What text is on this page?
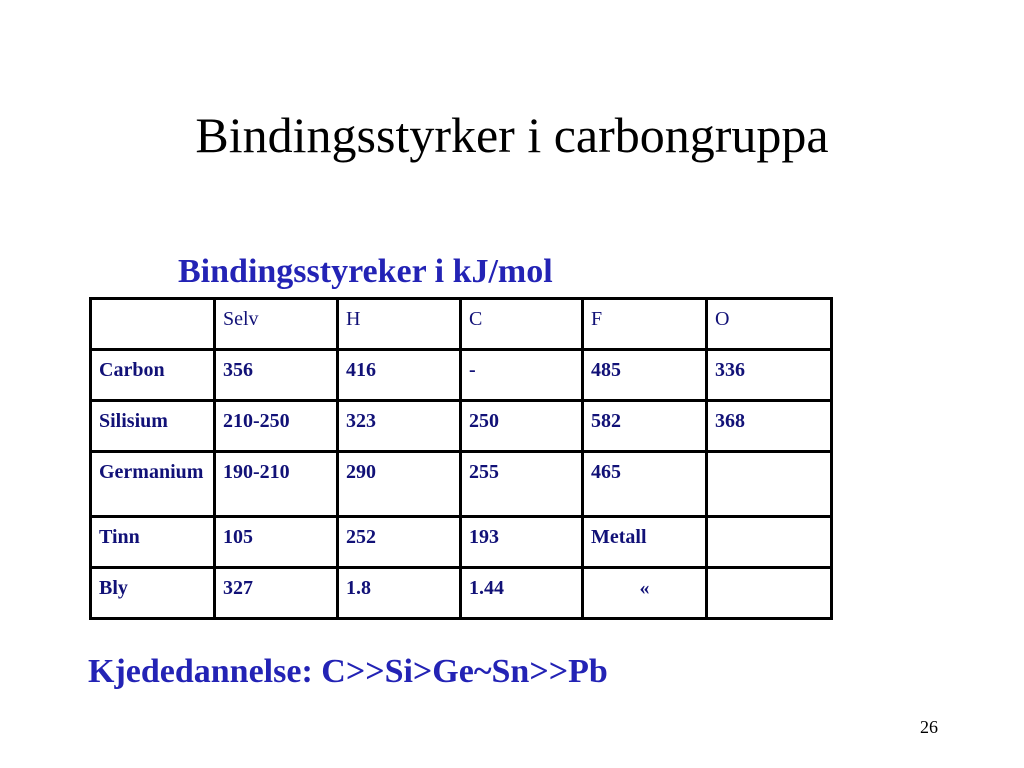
Bindingsstyrker i carbongruppa
Bindingsstyreker i kJ/mol
	Selv	H	C	F	O
Carbon	356	416	-	485	336
Silisium	210-250	323	250	582	368
Germanium	190-210	290	255	465	
Tinn	105	252	193	Metall	
Bly	327	1.8	1.44	«	
Kjededannelse: C>>Si>Ge~Sn>>Pb
26
